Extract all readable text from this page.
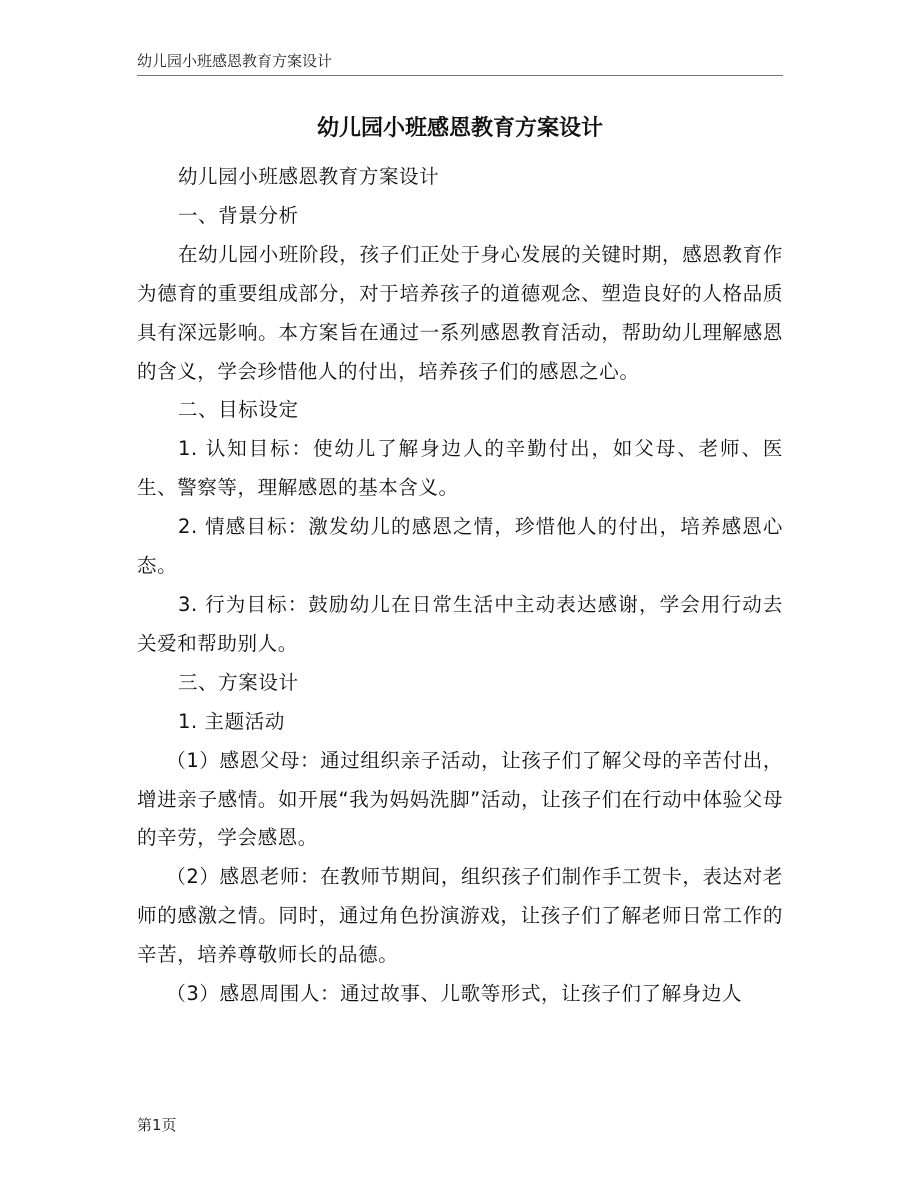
幼儿园小班感恩教育方案设计
幼儿园小班感恩教育方案设计

幼儿园小班感恩教育方案设计

一、背景分析

在幼儿园小班阶段，孩子们正处于身心发展的关键时期，感恩教育作为德育的重要组成部分，对于培养孩子的道德观念、塑造良好的人格品质具有深远影响。本方案旨在通过一系列感恩教育活动，帮助幼儿理解感恩的含义，学会珍惜他人的付出，培养孩子们的感恩之心。

二、目标设定

1. 认知目标：使幼儿了解身边人的辛勤付出，如父母、老师、医生、警察等，理解感恩的基本含义。

2. 情感目标：激发幼儿的感恩之情，珍惜他人的付出，培养感恩心态。

3. 行为目标：鼓励幼儿在日常生活中主动表达感谢，学会用行动去关爱和帮助别人。

三、方案设计

1. 主题活动

（1）感恩父母：通过组织亲子活动，让孩子们了解父母的辛苦付出，增进亲子感情。如开展“我为妈妈洗脚”活动，让孩子们在行动中体验父母的辛劳，学会感恩。

（2）感恩老师：在教师节期间，组织孩子们制作手工贺卡，表达对老师的感激之情。同时，通过角色扮演游戏，让孩子们了解老师日常工作的辛苦，培养尊敬师长的品德。

（3）感恩周围人：通过故事、儿歌等形式，让孩子们了解身边人

第1页
